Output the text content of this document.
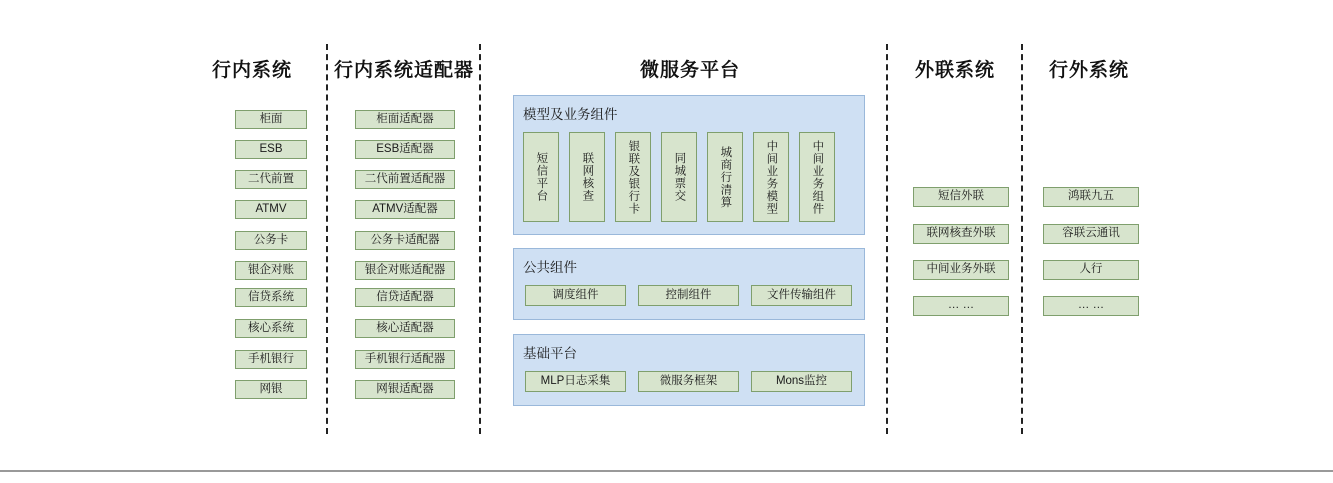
行内系统	行内系统适配器	微服务平台	外联系统	行外系统
柜面
ESB
二代前置
ATMV
公务卡
银企对账
信贷系统
核心系统
手机银行
网银
柜面适配器
ESB适配器
二代前置适配器
ATMV适配器
公务卡适配器
银企对账适配器
信贷适配器
核心适配器
手机银行适配器
网银适配器
模型及业务组件
短信平台	联网核查	银联及银行卡	同城票交	城商行清算	中间业务模型	中间业务组件
公共组件
调度组件	控制组件	文件传输组件
基础平台
MLP日志采集	微服务框架	Mons监控
短信外联
联网核查外联
中间业务外联
… …
鸿联九五
容联云通讯
人行
… …
